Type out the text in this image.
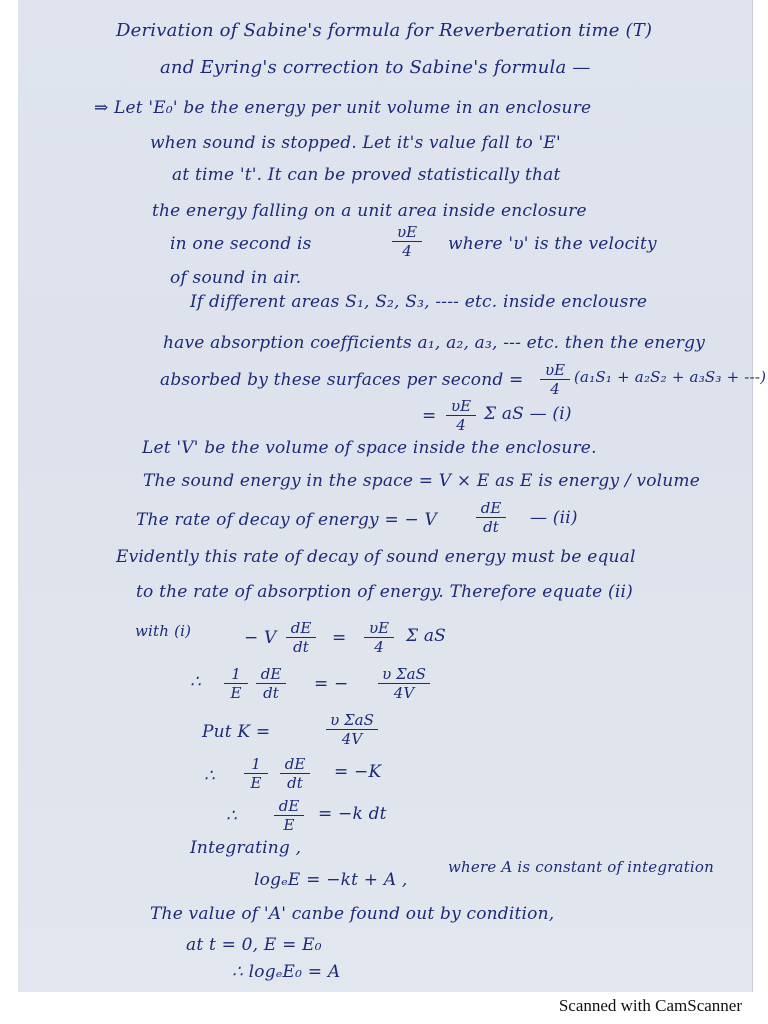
Derivation of Sabine's formula for Reverberation time (T)
and Eyring's correction to Sabine's formula —
⇒ Let 'E₀' be the energy per unit volume in an enclosure
when sound is stopped. Let it's value fall to 'E'
at time 't'. It can be proved statistically that
the energy falling on a unit area inside enclosure
in one second is
υE
4	where 'υ' is the velocity
of sound in air.
If different areas S₁, S₂, S₃, ---- etc. inside enclousre
have absorption coefficients a₁, a₂, a₃, --- etc. then the energy
absorbed by these surfaces per second =	υE
4
(a₁S₁ + a₂S₂ + a₃S₃ + ---)
= υE
4
Σ aS — (i)
Let 'V' be the volume of space inside the enclosure.
The sound energy in the space = V × E as E is energy / volume
The rate of decay of energy = − V
dE
dt	— (ii)
Evidently this rate of decay of sound energy must be equal
to the rate of absorption of energy. Therefore equate (ii)
with (i)	− V dE
dt	=	υE
4
Σ aS
∴	1
E
dE
dt	= − υ ΣaS
4V
Put K =
υ ΣaS
4V
∴
1
E
dE
dt
= −K
∴	dE
E
= −k dt
Integrating ,
logₑE = −kt + A ,
where A is constant of integration
The value of 'A' canbe found out by condition,
at t = 0, E = E₀
∴ logₑE₀ = A
Scanned with CamScanner
